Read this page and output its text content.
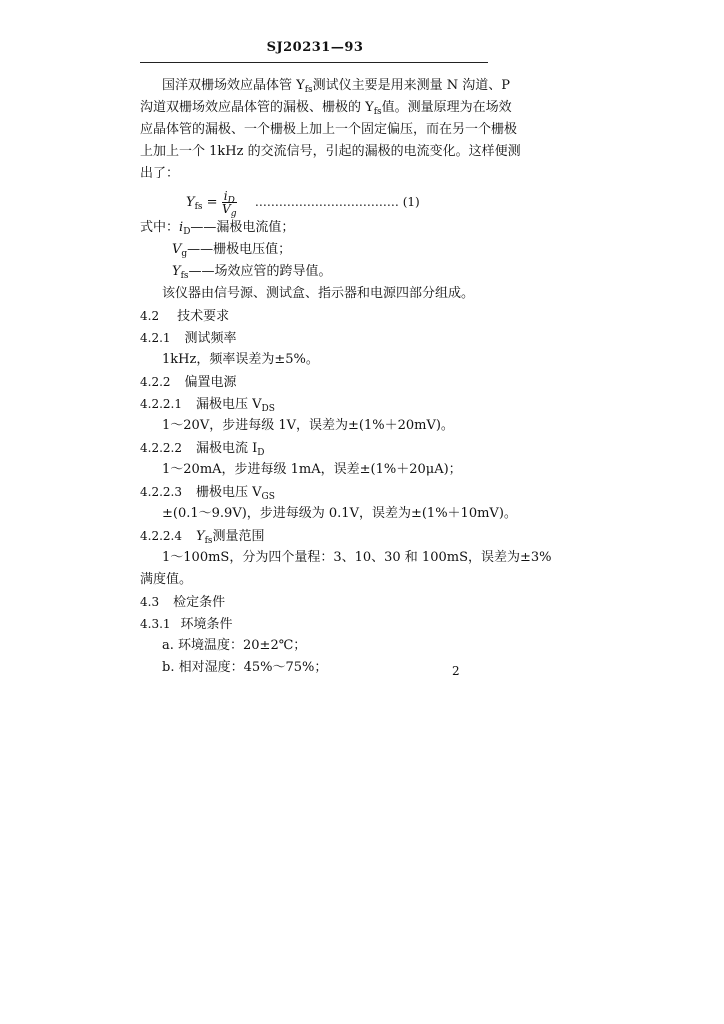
SJ20231—93
国洋双栅场效应晶体管 $Y_{fs}$测试仪主要是用来测量 N 沟道、P
沟道双栅场效应晶体管的漏极、栅极的 $Y_{fs}$值。测量原理为在场效
应晶体管的漏极、一个栅极上加上一个固定偏压，而在另一个栅极
上加上一个 1kHz 的交流信号，引起的漏极的电流变化。这样便测
出了：
$Y_{fs} = \frac{i_D}{V_g}$ ……………………………… (1)
式中：$i_D——$漏极电流值；
$V_g——$栅极电压值；
$Y_{fs}——$场效应管的跨导值。
该仪器由信号源、测试盒、指示器和电源四部分组成。
4.2 技术要求
4.2.1 测试频率
1kHz，频率误差为±5%。
4.2.2 偏置电源
4.2.2.1 漏极电压 $V_{DS}$
1～20V，步进每级 1V，误差为±(1%＋20mV)。
4.2.2.2 漏极电流 $I_D$
1～20mA，步进每级 1mA，误差±(1%＋20μA)；
4.2.2.3 栅极电压 $V_{GS}$
±(0.1～9.9V)，步进每级为 0.1V，误差为±(1%＋10mV)。
4.2.2.4 $Y_{fs}$测量范围
1～100mS，分为四个量程：3、10、30 和 100mS，误差为±3%
满度值。
4.3 检定条件
4.3.1 环境条件
a. 环境温度：20±2℃；
b. 相对湿度：45%～75%；	2
